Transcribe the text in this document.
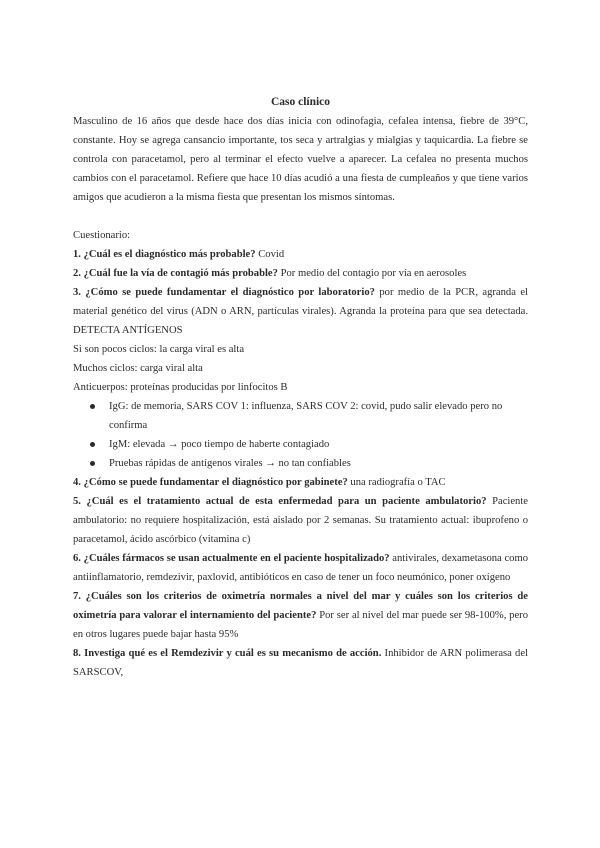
Caso clínico

Masculino de 16 años que desde hace dos días inicia con odinofagia, cefalea intensa, fiebre de 39°C, constante. Hoy se agrega cansancio importante, tos seca y artralgias y mialgias y taquicardia. La fiebre se controla con paracetamol, pero al terminar el efecto vuelve a aparecer. La cefalea no presenta muchos cambios con el paracetamol. Refiere que hace 10 días acudió a una fiesta de cumpleaños y que tiene varios amigos que acudieron a la misma fiesta que presentan los mismos síntomas.

Cuestionario:

1. ¿Cuál es el diagnóstico más probable? Covid

2. ¿Cuál fue la vía de contagió más probable? Por medio del contagio por vía en aerosoles

3. ¿Cómo se puede fundamentar el diagnóstico por laboratorio? por medio de la PCR, agranda el material genético del virus (ADN o ARN, partículas virales). Agranda la proteína para que sea detectada. DETECTA ANTÍGENOS

Si son pocos ciclos: la carga viral es alta

Muchos ciclos: carga viral alta

Anticuerpos: proteínas producidas por linfocitos B

IgG: de memoria, SARS COV 1: influenza, SARS COV 2: covid, pudo salir elevado pero no confirma
IgM: elevada → poco tiempo de haberte contagiado
Pruebas rápidas de antígenos virales → no tan confiables

4. ¿Cómo se puede fundamentar el diagnóstico por gabinete? una radiografía o TAC

5. ¿Cuál es el tratamiento actual de esta enfermedad para un paciente ambulatorio? Paciente ambulatorio: no requiere hospitalización, está aislado por 2 semanas. Su tratamiento actual: ibuprofeno o paracetamol, ácido ascórbico (vitamina c)

6. ¿Cuáles fármacos se usan actualmente en el paciente hospitalizado? antivirales, dexametasona como antiinflamatorio, remdezivir, paxlovid, antibióticos en caso de tener un foco neumónico, poner oxígeno

7. ¿Cuáles son los criterios de oximetría normales a nivel del mar y cuáles son los criterios de oximetría para valorar el internamiento del paciente? Por ser al nivel del mar puede ser 98-100%, pero en otros lugares puede bajar hasta 95%

8. Investiga qué es el Remdezivir y cuál es su mecanismo de acción. Inhibidor de ARN polimerasa del SARSCOV,
